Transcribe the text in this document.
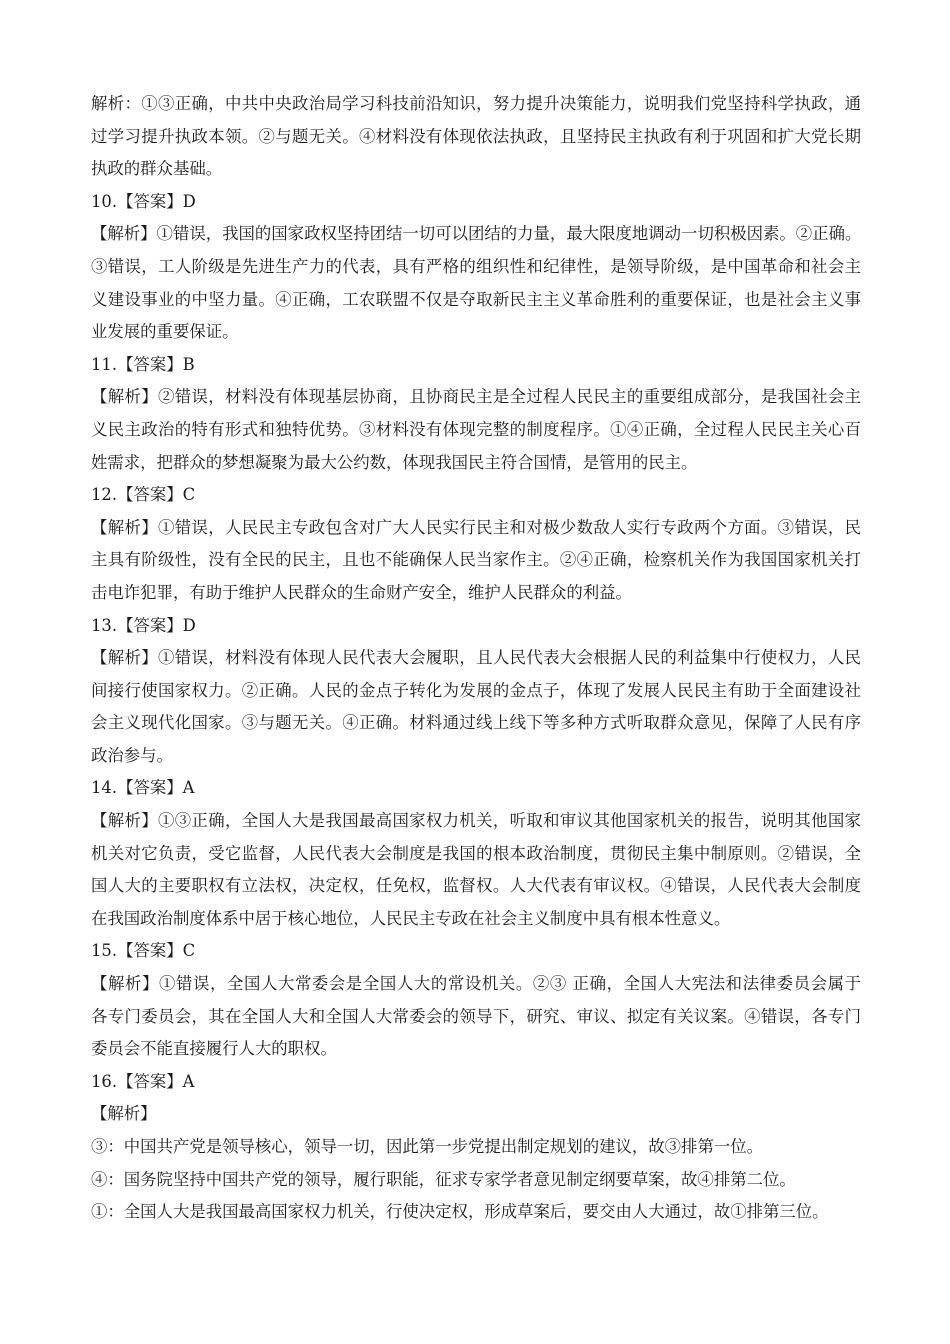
解析：①③正确，中共中央政治局学习科技前沿知识，努力提升决策能力，说明我们党坚持科学执政，通
过学习提升执政本领。②与题无关。④材料没有体现依法执政，且坚持民主执政有利于巩固和扩大党长期
执政的群众基础。
10.【答案】D
【解析】①错误，我国的国家政权坚持团结一切可以团结的力量，最大限度地调动一切积极因素。②正确。
③错误，工人阶级是先进生产力的代表，具有严格的组织性和纪律性，是领导阶级，是中国革命和社会主
义建设事业的中坚力量。④正确，工农联盟不仅是夺取新民主主义革命胜利的重要保证，也是社会主义事
业发展的重要保证。
11.【答案】B
【解析】②错误，材料没有体现基层协商，且协商民主是全过程人民民主的重要组成部分，是我国社会主
义民主政治的特有形式和独特优势。③材料没有体现完整的制度程序。①④正确，全过程人民民主关心百
姓需求，把群众的梦想凝聚为最大公约数，体现我国民主符合国情，是管用的民主。
12.【答案】C
【解析】①错误，人民民主专政包含对广大人民实行民主和对极少数敌人实行专政两个方面。③错误，民
主具有阶级性，没有全民的民主，且也不能确保人民当家作主。②④正确，检察机关作为我国国家机关打
击电诈犯罪，有助于维护人民群众的生命财产安全，维护人民群众的利益。
13.【答案】D
【解析】①错误，材料没有体现人民代表大会履职，且人民代表大会根据人民的利益集中行使权力，人民
间接行使国家权力。②正确。人民的金点子转化为发展的金点子，体现了发展人民民主有助于全面建设社
会主义现代化国家。③与题无关。④正确。材料通过线上线下等多种方式听取群众意见，保障了人民有序
政治参与。
14.【答案】A
【解析】①③正确，全国人大是我国最高国家权力机关，听取和审议其他国家机关的报告，说明其他国家
机关对它负责，受它监督，人民代表大会制度是我国的根本政治制度，贯彻民主集中制原则。②错误，全
国人大的主要职权有立法权，决定权，任免权，监督权。人大代表有审议权。④错误，人民代表大会制度
在我国政治制度体系中居于核心地位，人民民主专政在社会主义制度中具有根本性意义。
15.【答案】C
【解析】①错误，全国人大常委会是全国人大的常设机关。②③ 正确，全国人大宪法和法律委员会属于
各专门委员会，其在全国人大和全国人大常委会的领导下，研究、审议、拟定有关议案。④错误，各专门
委员会不能直接履行人大的职权。
16.【答案】A
【解析】
③：中国共产党是领导核心，领导一切，因此第一步党提出制定规划的建议，故③排第一位。
④：国务院坚持中国共产党的领导，履行职能，征求专家学者意见制定纲要草案，故④排第二位。
①：全国人大是我国最高国家权力机关，行使决定权，形成草案后，要交由人大通过，故①排第三位。
